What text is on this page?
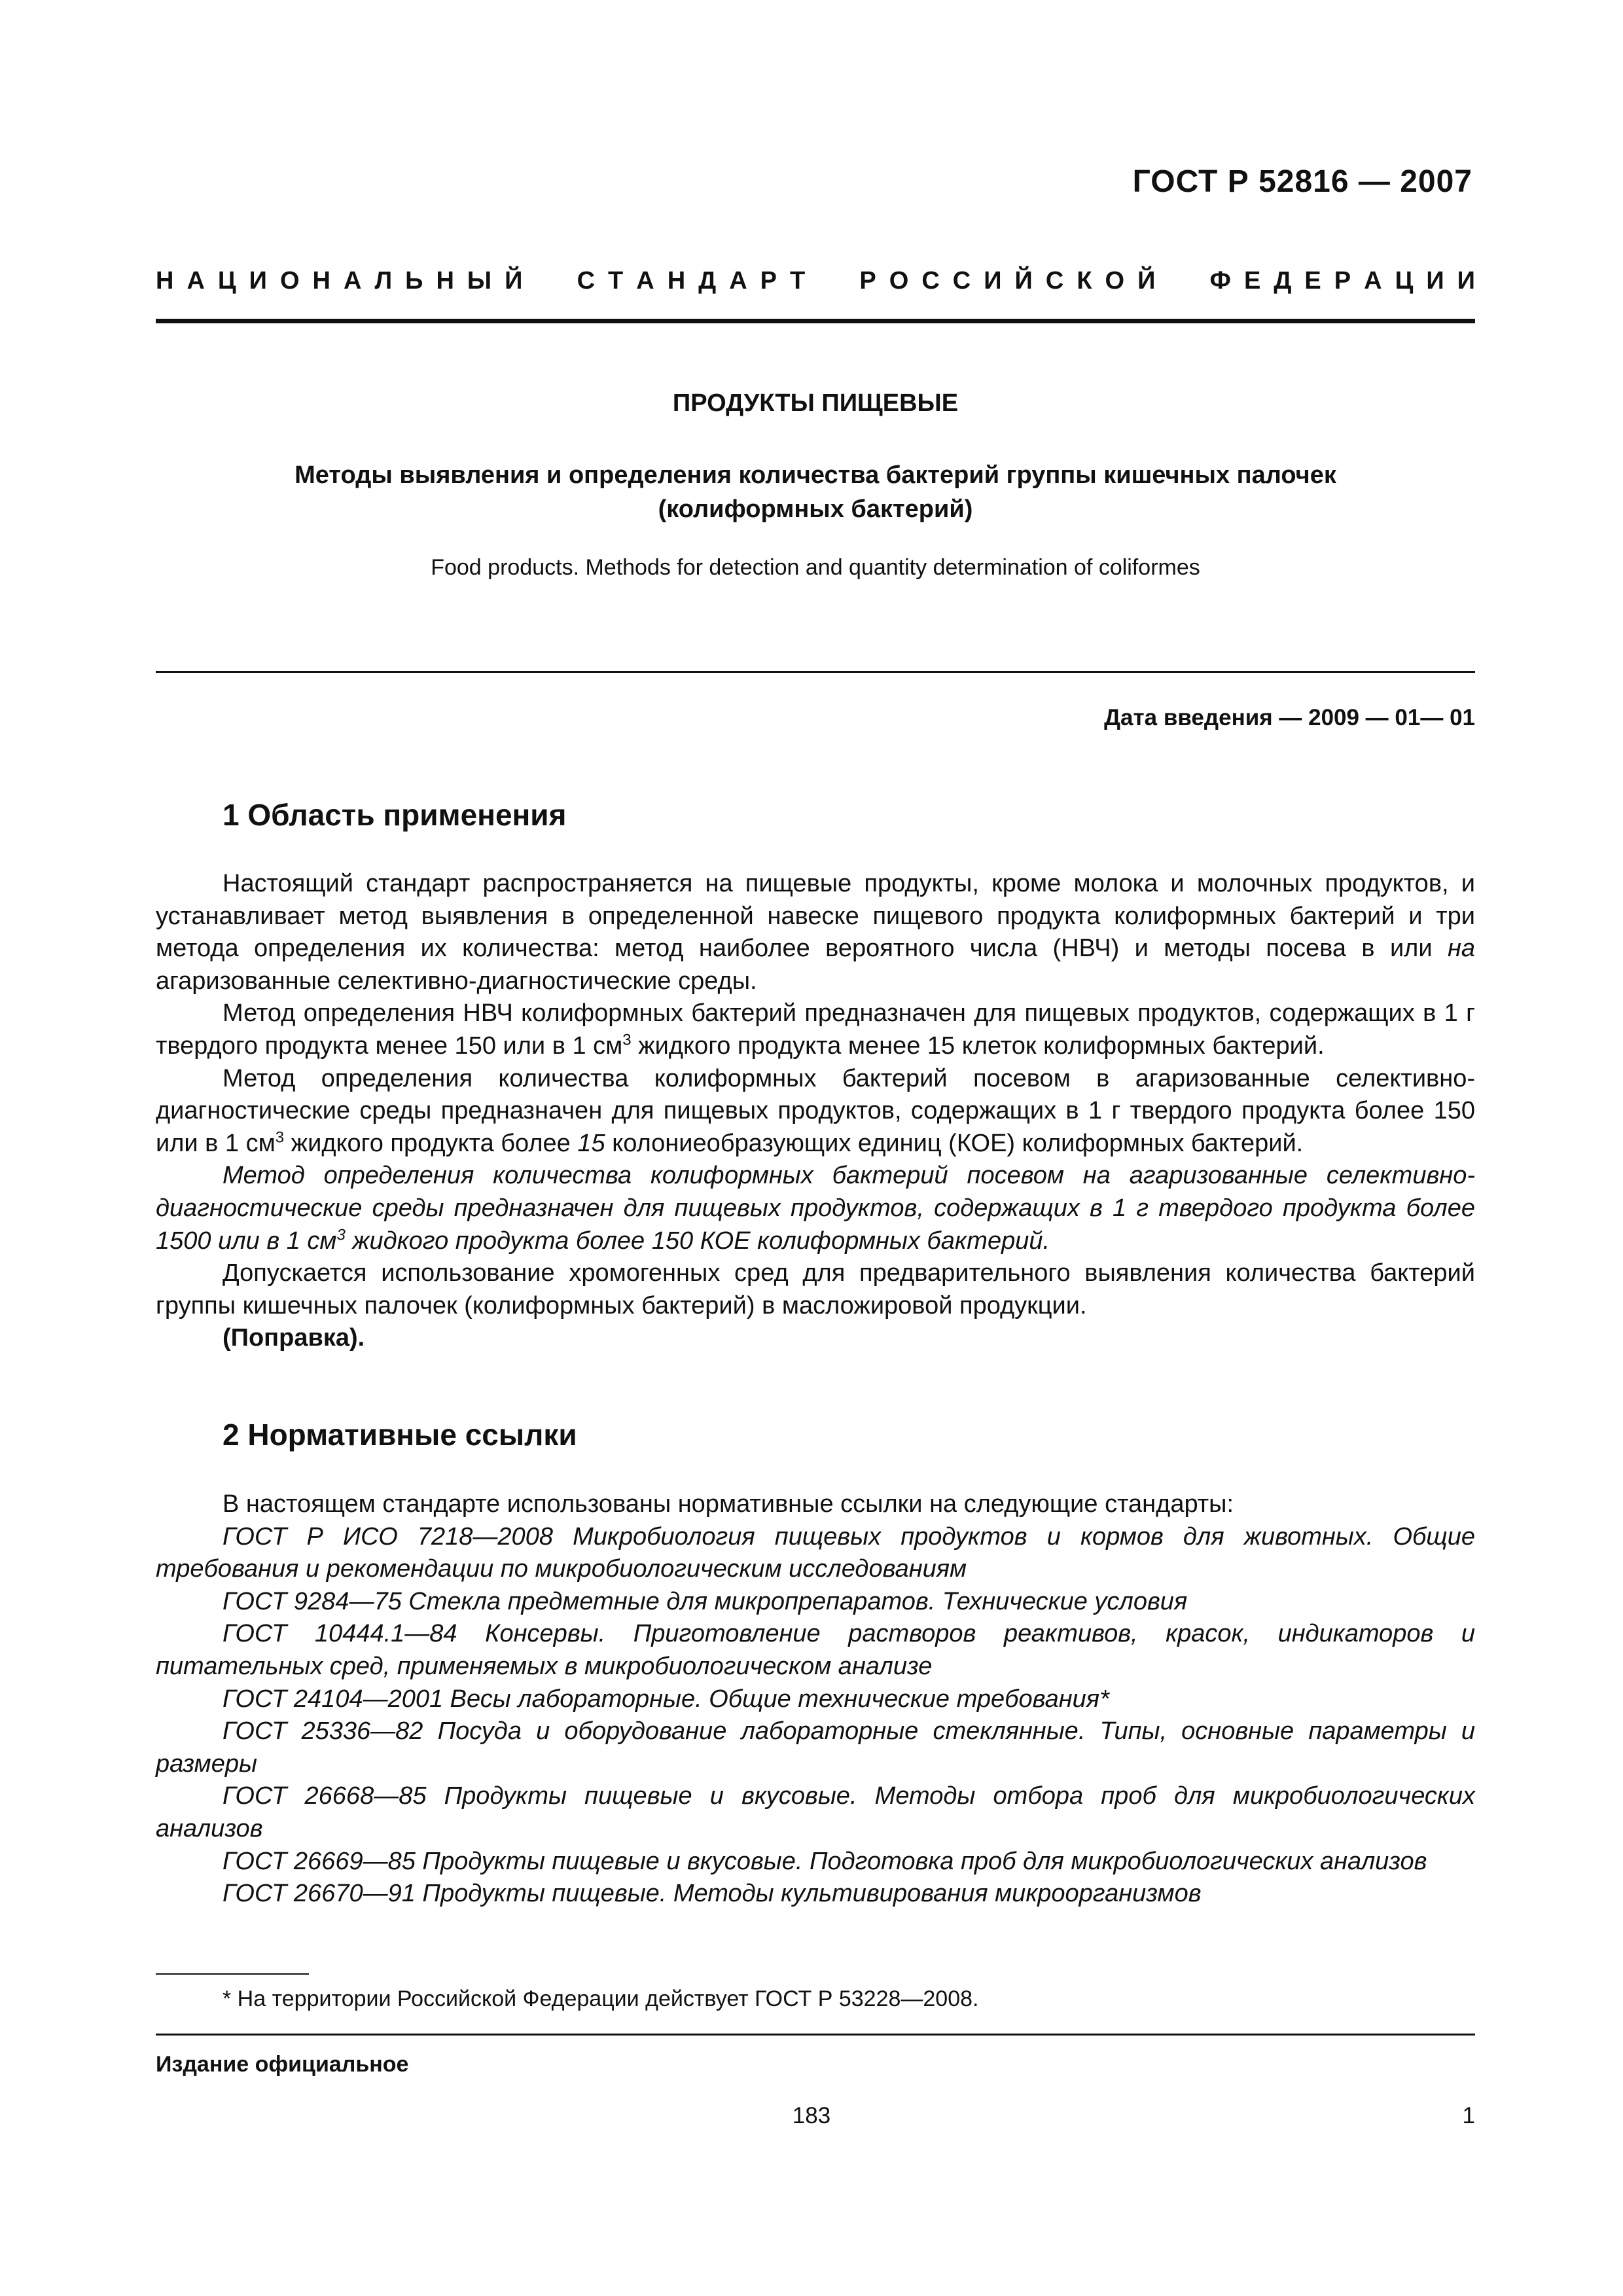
ГОСТ Р 52816 — 2007
Н А Ц И О Н А Л Ь Н Ы Й С Т А Н Д А Р Т Р О С С И Й С К О Й Ф Е Д Е Р А Ц И И
ПРОДУКТЫ ПИЩЕВЫЕ
Методы выявления и определения количества бактерий группы кишечных палочек
(колиформных бактерий)
Food products. Methods for detection and quantity determination of coliformes
Дата введения — 2009 — 01— 01
1 Область применения

Настоящий стандарт распространяется на пищевые продукты, кроме молока и молочных продуктов, и устанавливает метод выявления в определенной навеске пищевого продукта колиформных бактерий и три метода определения их количества: метод наиболее вероятного числа (НВЧ) и методы посева в или на агаризованные селективно-диагностические среды.

Метод определения НВЧ колиформных бактерий предназначен для пищевых продуктов, содержащих в 1 г твердого продукта менее 150 или в 1 $см^3$ жидкого продукта менее 15 клеток колиформных бактерий.

Метод определения количества колиформных бактерий посевом в агаризованные селективно-диагностические среды предназначен для пищевых продуктов, содержащих в 1 г твердого продукта более 150 или в 1 $см^3$ жидкого продукта более 15 колониеобразующих единиц (КОЕ) колиформных бактерий.

Метод определения количества колиформных бактерий посевом на агаризованные селективно-диагностические среды предназначен для пищевых продуктов, содержащих в 1 г твердого продукта более 1500 или в 1 $см^3$ жидкого продукта более 150 КОЕ колиформных бактерий.

Допускается использование хромогенных сред для предварительного выявления количества бактерий группы кишечных палочек (колиформных бактерий) в масложировой продукции.

(Поправка).

2 Нормативные ссылки

В настоящем стандарте использованы нормативные ссылки на следующие стандарты:

ГОСТ Р ИСО 7218—2008 Микробиология пищевых продуктов и кормов для животных. Общие требования и рекомендации по микробиологическим исследованиям

ГОСТ 9284—75 Стекла предметные для микропрепаратов. Технические условия

ГОСТ 10444.1—84 Консервы. Приготовление растворов реактивов, красок, индикаторов и питательных сред, применяемых в микробиологическом анализе

ГОСТ 24104—2001 Весы лабораторные. Общие технические требования*

ГОСТ 25336—82 Посуда и оборудование лабораторные стеклянные. Типы, основные параметры и размеры

ГОСТ 26668—85 Продукты пищевые и вкусовые. Методы отбора проб для микробиологических анализов

ГОСТ 26669—85 Продукты пищевые и вкусовые. Подготовка проб для микробиологических анализов

ГОСТ 26670—91 Продукты пищевые. Методы культивирования микроорганизмов

* На территории Российской Федерации действует ГОСТ Р 53228—2008.
Издание официальное
183	1
